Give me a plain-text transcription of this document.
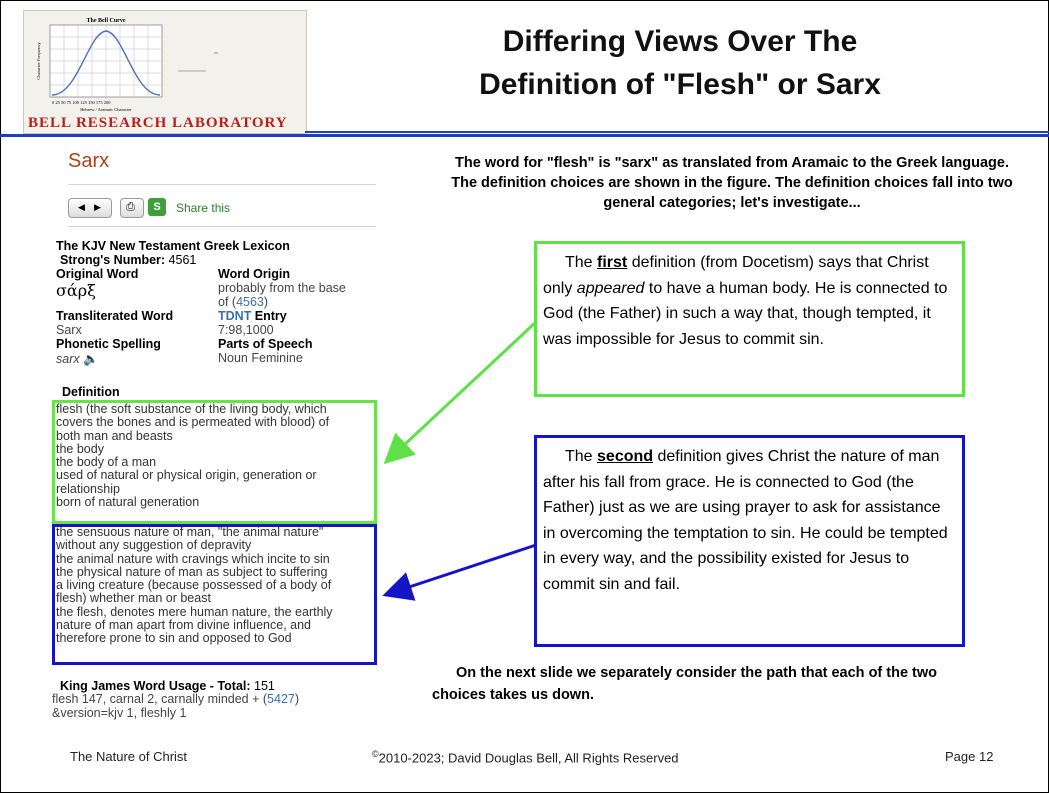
The Bell Curve
0 25 50 75 100 125 150 175 200
Hebrew / Aramaic Character
Character Frequency
BELL RESEARCH LABORATORY
Differing Views Over The
Definition of "Flesh" or Sarx
Sarx
◀ ▶ ⎙	S	Share this
The KJV New Testament Greek Lexicon
Strong's Number: 4561
Original Word
σάρξ
Word Origin
probably from the base
of (4563)
Transliterated Word
Sarx
TDNT Entry
7:98,1000
Phonetic Spelling
sarx 🔈
Parts of Speech
Noun Feminine
Definition
flesh (the soft substance of the living body, which
covers the bones and is permeated with blood) of
both man and beasts
the body
the body of a man
used of natural or physical origin, generation or
relationship
born of natural generation
the sensuous nature of man, "the animal nature"
without any suggestion of depravity
the animal nature with cravings which incite to sin
the physical nature of man as subject to suffering
a living creature (because possessed of a body of
flesh) whether man or beast
the flesh, denotes mere human nature, the earthly
nature of man apart from divine influence, and
therefore prone to sin and opposed to God
King James Word Usage - Total: 151
flesh 147, carnal 2, carnally minded + (5427)
&version=kjv 1, fleshly 1
The word for "flesh" is "sarx" as translated from Aramaic to the Greek language. The definition choices are shown in the figure. The definition choices fall into two general categories; let's investigate...
The first definition (from Docetism) says that Christ only appeared to have a human body. He is connected to God (the Father) in such a way that, though tempted, it was impossible for Jesus to commit sin.
The second definition gives Christ the nature of man after his fall from grace. He is connected to God (the Father) just as we are using prayer to ask for assistance in overcoming the temptation to sin. He could be tempted in every way, and the possibility existed for Jesus to commit sin and fail.
On the next slide we separately consider the path that each of the two choices takes us down.
The Nature of Christ	©2010-2023; David Douglas Bell, All Rights Reserved	Page 12
